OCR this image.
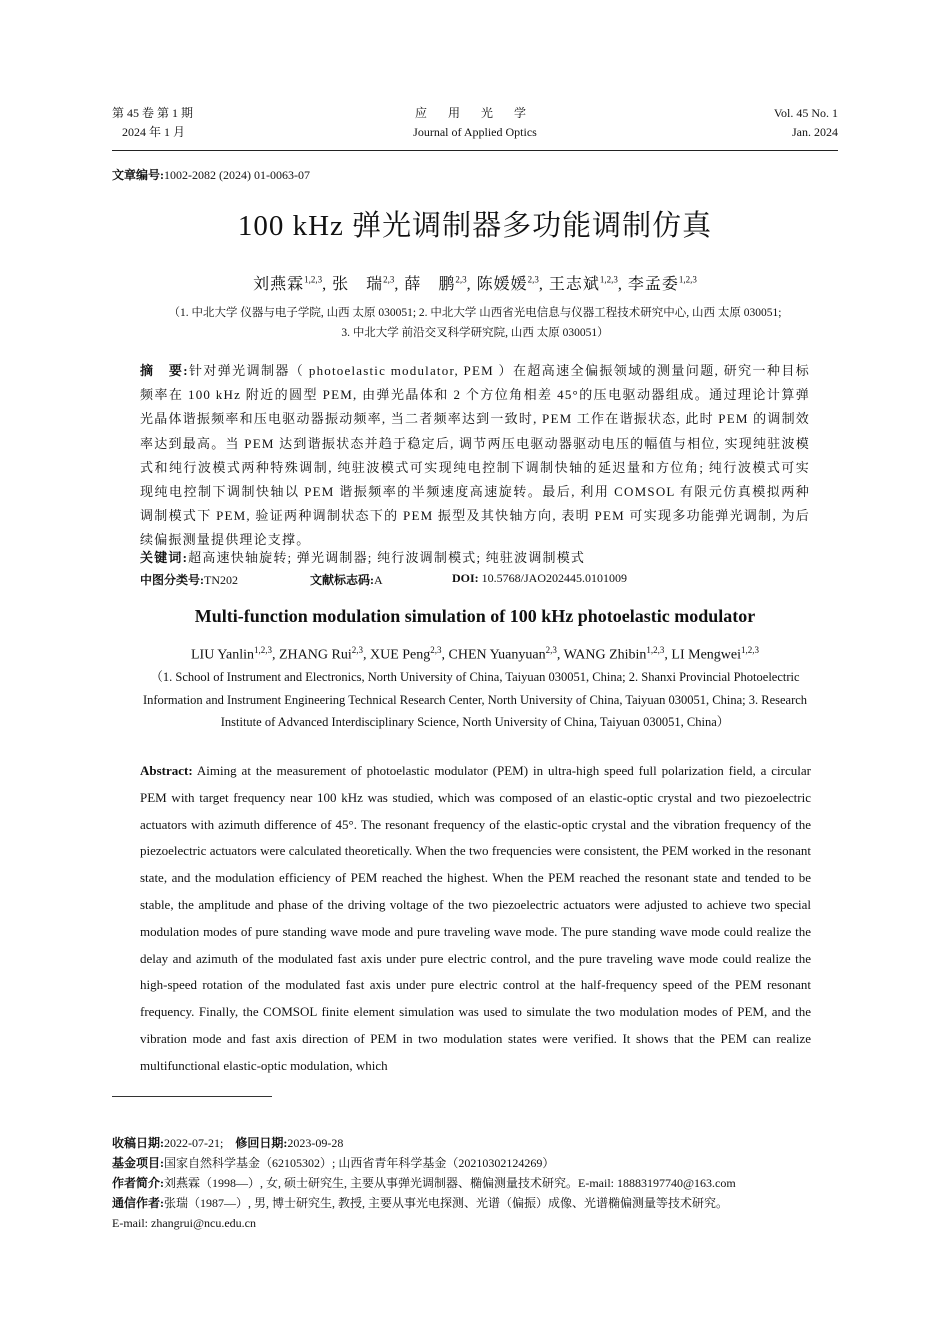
第 45 卷 第 1 期
2024 年 1 月
应 用 光 学
Journal of Applied Optics
Vol. 45 No. 1
Jan. 2024
文章编号:1002-2082 (2024) 01-0063-07
100 kHz 弹光调制器多功能调制仿真
刘燕霖$^{1,2,3}$, 张　瑞$^{2,3}$, 薛　鹏$^{2,3}$, 陈媛媛$^{2,3}$, 王志斌$^{1,2,3}$, 李孟委$^{1,2,3}$
（1. 中北大学 仪器与电子学院, 山西 太原 030051; 2. 中北大学 山西省光电信息与仪器工程技术研究中心, 山西 太原 030051;
3. 中北大学 前沿交叉科学研究院, 山西 太原 030051）
摘　要:针对弹光调制器（ photoelastic modulator, PEM ）在超高速全偏振领域的测量问题, 研究一种目标频率在 100 kHz 附近的圆型 PEM, 由弹光晶体和 2 个方位角相差 45°的压电驱动器组成。通过理论计算弹光晶体谐振频率和压电驱动器振动频率, 当二者频率达到一致时, PEM 工作在谐振状态, 此时 PEM 的调制效率达到最高。当 PEM 达到谐振状态并趋于稳定后, 调节两压电驱动器驱动电压的幅值与相位, 实现纯驻波模式和纯行波模式两种特殊调制, 纯驻波模式可实现纯电控制下调制快轴的延迟量和方位角; 纯行波模式可实现纯电控制下调制快轴以 PEM 谐振频率的半频速度高速旋转。最后, 利用 COMSOL 有限元仿真模拟两种调制模式下 PEM, 验证两种调制状态下的 PEM 振型及其快轴方向, 表明 PEM 可实现多功能弹光调制, 为后续偏振测量提供理论支撑。
关键词:超高速快轴旋转; 弹光调制器; 纯行波调制模式; 纯驻波调制模式
中图分类号:TN202	文献标志码:A	DOI: 10.5768/JAO202445.0101009
Multi-function modulation simulation of 100 kHz photoelastic modulator
LIU Yanlin$^{1,2,3}$, ZHANG Rui$^{2,3}$, XUE Peng$^{2,3}$, CHEN Yuanyuan$^{2,3}$, WANG Zhibin$^{1,2,3}$, LI Mengwei$^{1,2,3}$
（1. School of Instrument and Electronics, North University of China, Taiyuan 030051, China; 2. Shanxi Provincial Photoelectric Information and Instrument Engineering Technical Research Center, North University of China, Taiyuan 030051, China; 3. Research Institute of Advanced Interdisciplinary Science, North University of China, Taiyuan 030051, China）
Abstract: Aiming at the measurement of photoelastic modulator (PEM) in ultra-high speed full polarization field, a circular PEM with target frequency near 100 kHz was studied, which was composed of an elastic-optic crystal and two piezoelectric actuators with azimuth difference of 45°. The resonant frequency of the elastic-optic crystal and the vibration frequency of the piezoelectric actuators were calculated theoretically. When the two frequencies were consistent, the PEM worked in the resonant state, and the modulation efficiency of PEM reached the highest. When the PEM reached the resonant state and tended to be stable, the amplitude and phase of the driving voltage of the two piezoelectric actuators were adjusted to achieve two special modulation modes of pure standing wave mode and pure traveling wave mode. The pure standing wave mode could realize the delay and azimuth of the modulated fast axis under pure electric control, and the pure traveling wave mode could realize the high-speed rotation of the modulated fast axis under pure electric control at the half-frequency speed of the PEM resonant frequency. Finally, the COMSOL finite element simulation was used to simulate the two modulation modes of PEM, and the vibration mode and fast axis direction of PEM in two modulation states were verified. It shows that the PEM can realize multifunctional elastic-optic modulation, which
收稿日期:2022-07-21;　 修回日期:2023-09-28
基金项目:国家自然科学基金（62105302）; 山西省青年科学基金（20210302124269）
作者简介:刘燕霖（1998—）, 女, 硕士研究生, 主要从事弹光调制器、椭偏测量技术研究。E-mail: 18883197740@163.com
通信作者:张瑞（1987—）, 男, 博士研究生, 教授, 主要从事光电探测、光谱（偏振）成像、光谱椭偏测量等技术研究。
E-mail: zhangrui@ncu.edu.cn
